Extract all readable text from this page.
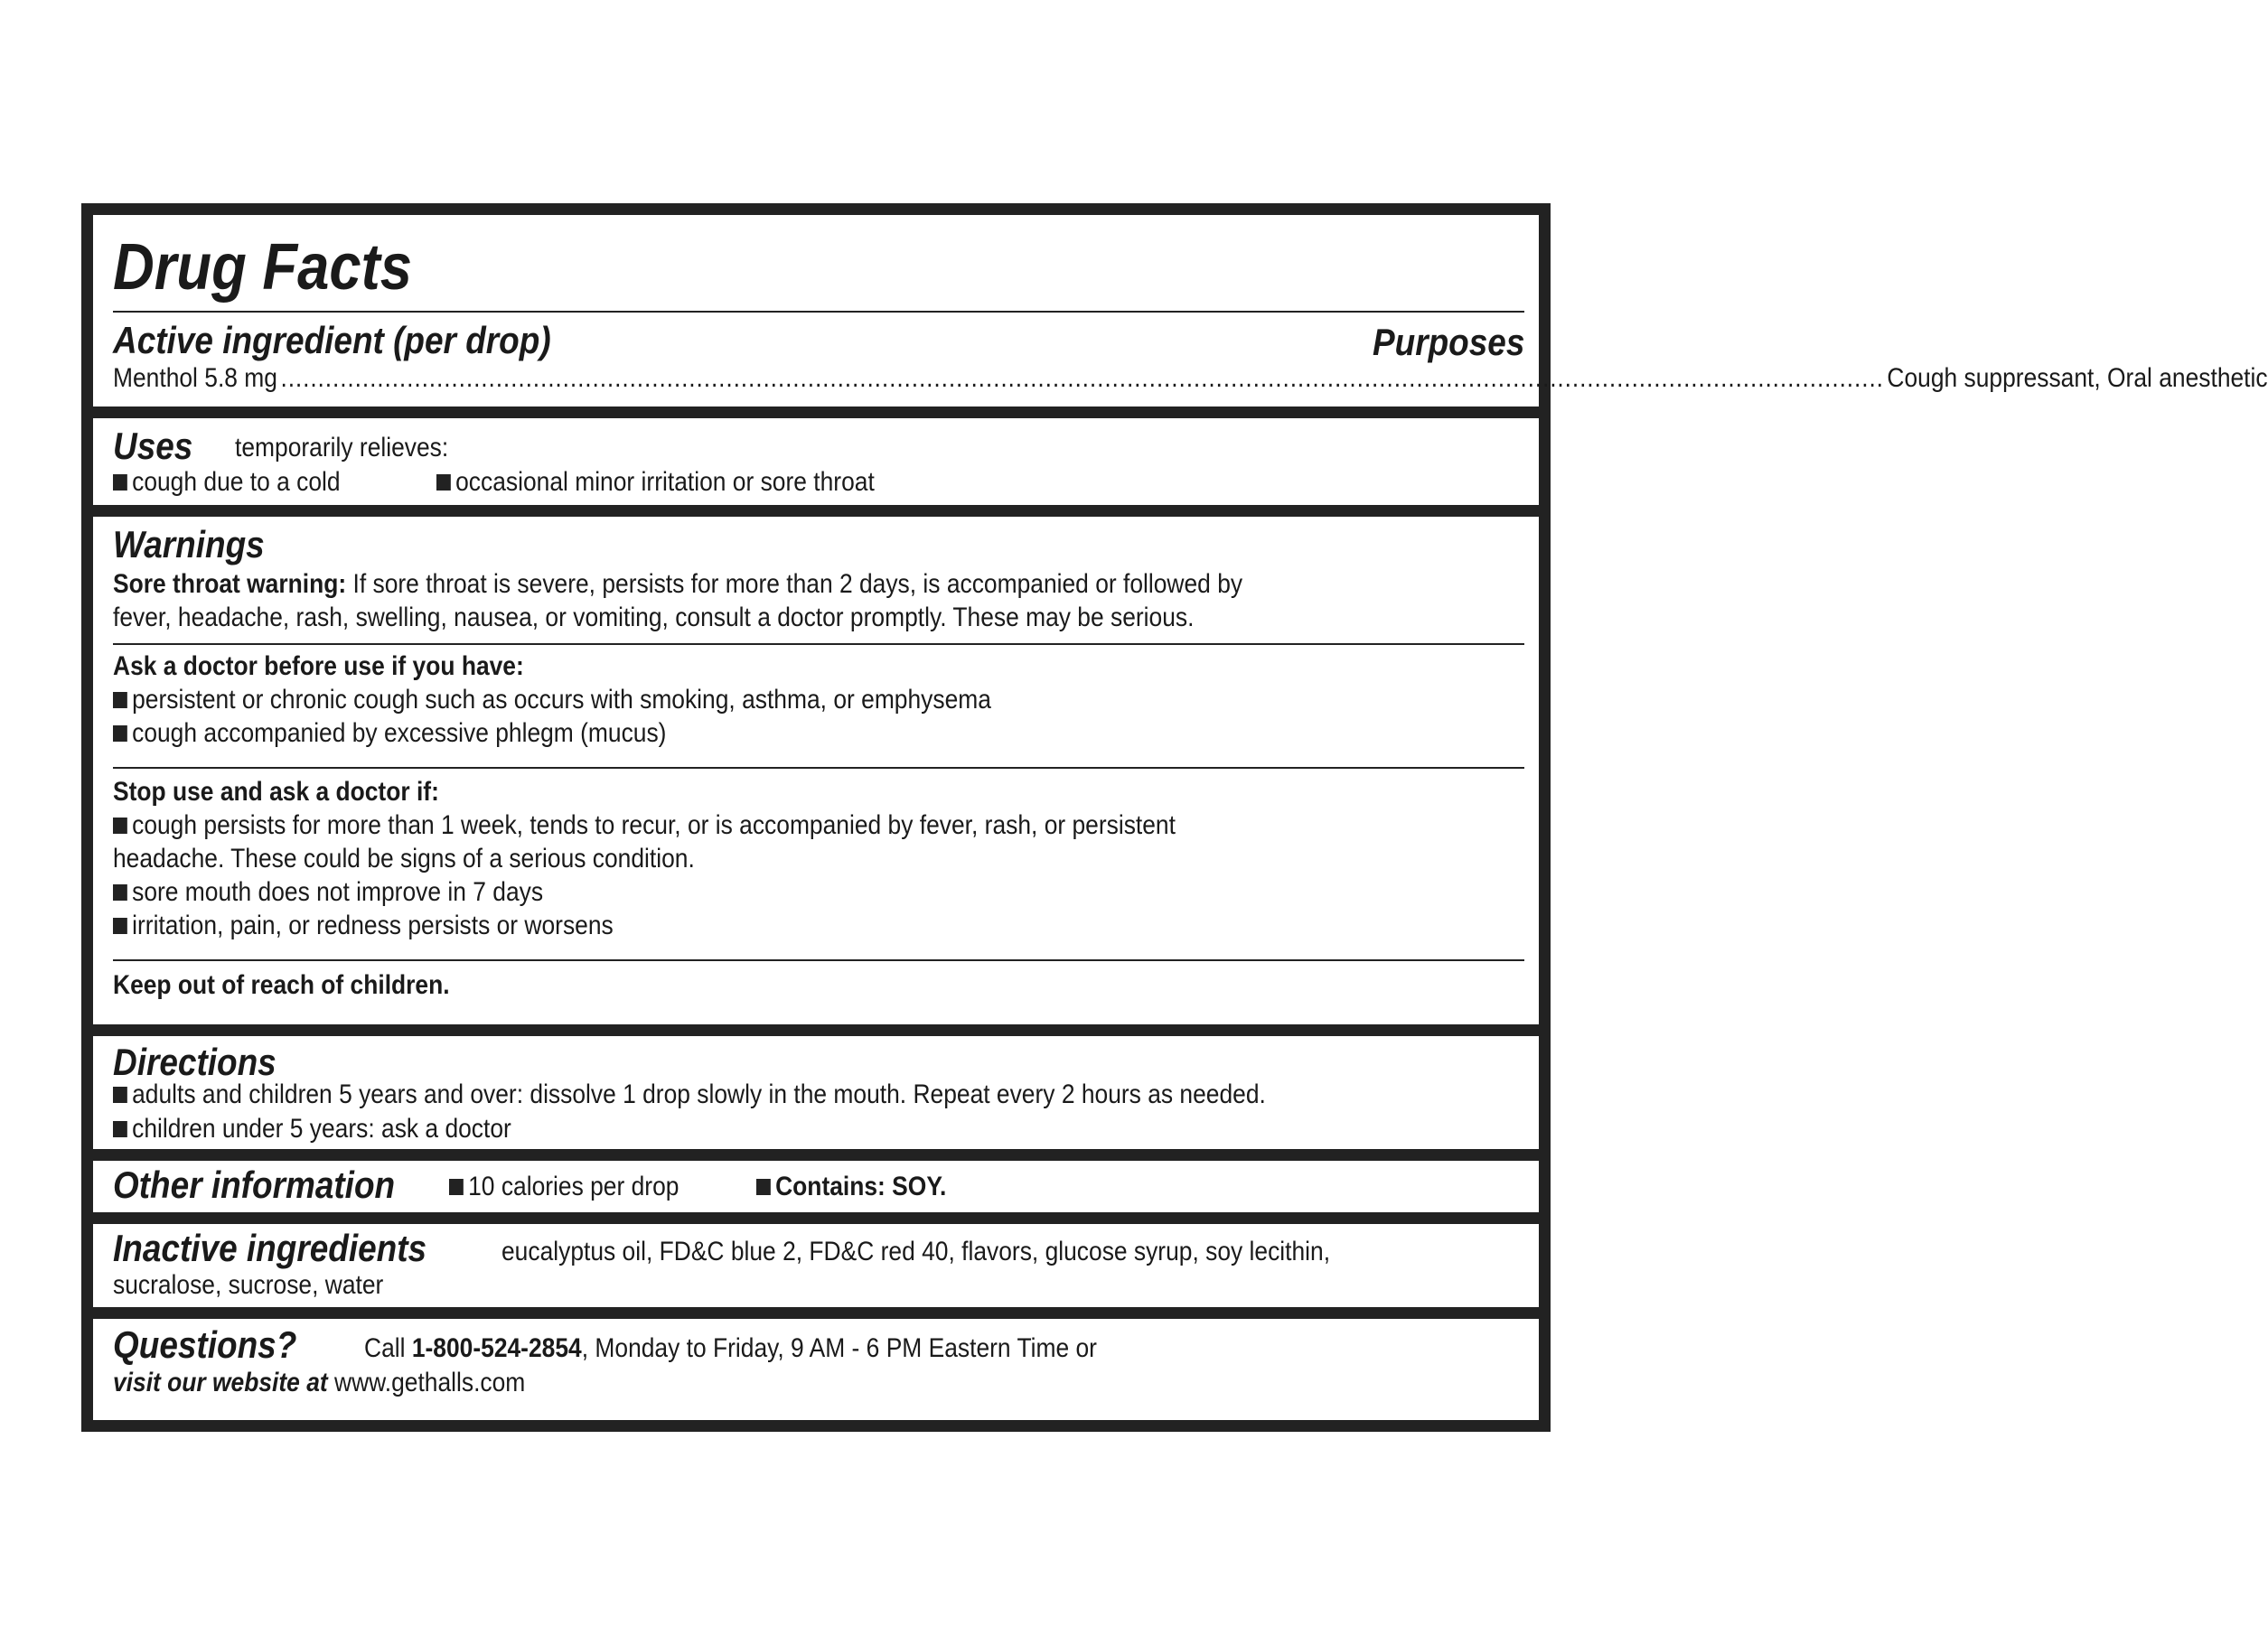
Drug Facts
Active ingredient (per drop)	Purposes
Menthol 5.8 mg ........................................................................................................................................................................................................................ Cough suppressant, Oral anesthetic
Uses	temporarily relieves:
cough due to a cold	occasional minor irritation or sore throat
Warnings
Sore throat warning: If sore throat is severe, persists for more than 2 days, is accompanied or followed by
fever, headache, rash, swelling, nausea, or vomiting, consult a doctor promptly. These may be serious.
Ask a doctor before use if you have:
persistent or chronic cough such as occurs with smoking, asthma, or emphysema
cough accompanied by excessive phlegm (mucus)
Stop use and ask a doctor if:
cough persists for more than 1 week, tends to recur, or is accompanied by fever, rash, or persistent
headache. These could be signs of a serious condition.
sore mouth does not improve in 7 days
irritation, pain, or redness persists or worsens
Keep out of reach of children.
Directions
adults and children 5 years and over: dissolve 1 drop slowly in the mouth. Repeat every 2 hours as needed.
children under 5 years: ask a doctor
Other information	10 calories per drop	Contains: SOY.
Inactive ingredients	eucalyptus oil, FD&C blue 2, FD&C red 40, flavors, glucose syrup, soy lecithin,
sucralose, sucrose, water
Questions?	Call 1-800-524-2854, Monday to Friday, 9 AM - 6 PM Eastern Time or
visit our website at www.gethalls.com
